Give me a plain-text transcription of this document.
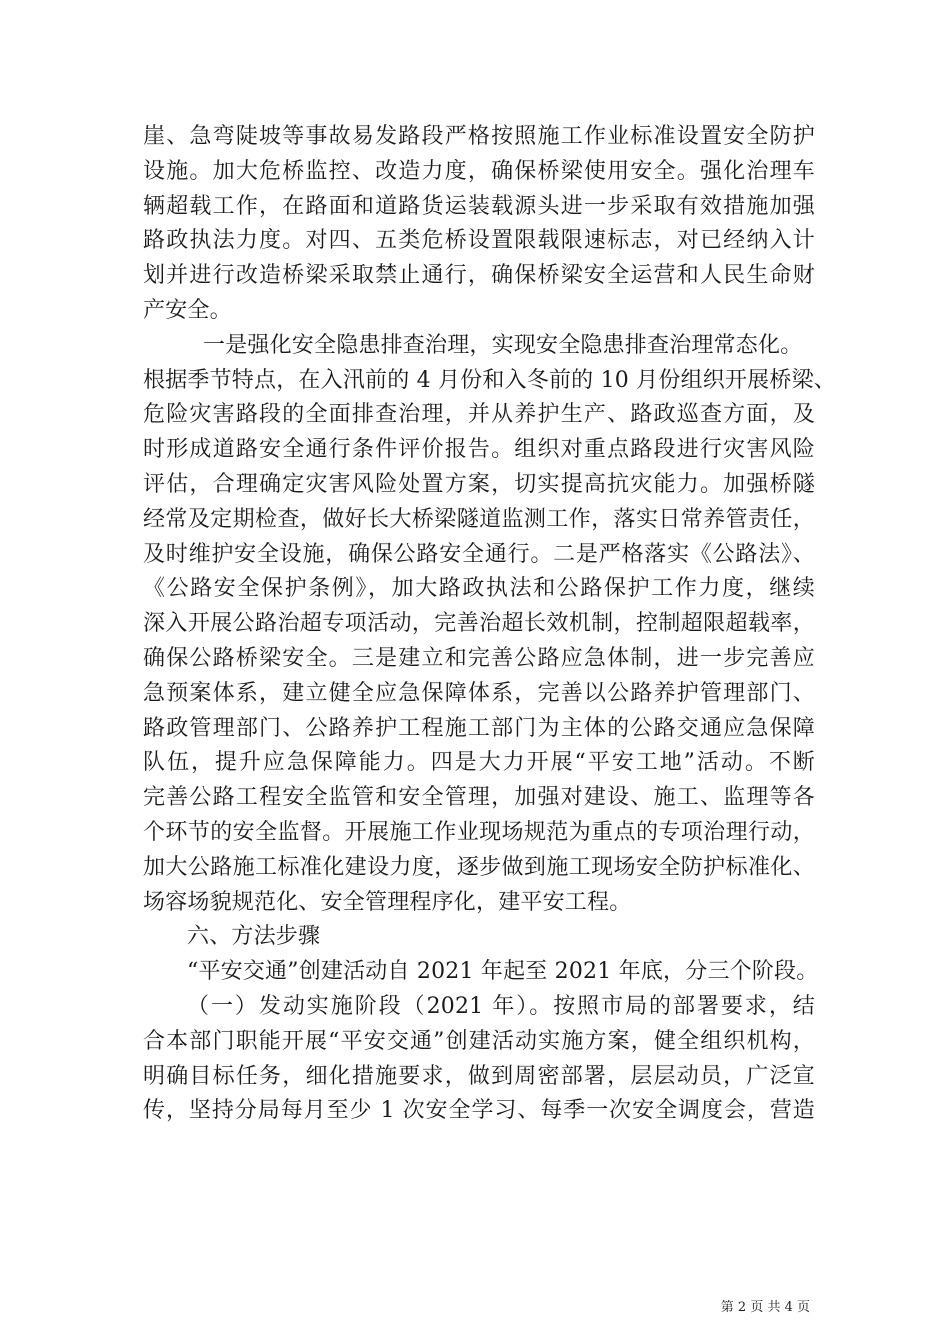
崖、急弯陡坡等事故易发路段严格按照施工作业标准设置安全防护
设施。加大危桥监控、改造力度，确保桥梁使用安全。强化治理车
辆超载工作，在路面和道路货运装载源头进一步采取有效措施加强
路政执法力度。对四、五类危桥设置限载限速标志，对已经纳入计
划并进行改造桥梁采取禁止通行，确保桥梁安全运营和人民生命财
产安全。
一是强化安全隐患排查治理，实现安全隐患排查治理常态化。
根据季节特点，在入汛前的 4 月份和入冬前的 10 月份组织开展桥梁、
危险灾害路段的全面排查治理，并从养护生产、路政巡查方面，及
时形成道路安全通行条件评价报告。组织对重点路段进行灾害风险
评估，合理确定灾害风险处置方案，切实提高抗灾能力。加强桥隧
经常及定期检查，做好长大桥梁隧道监测工作，落实日常养管责任，
及时维护安全设施，确保公路安全通行。二是严格落实《公路法》、
《公路安全保护条例》，加大路政执法和公路保护工作力度，继续
深入开展公路治超专项活动，完善治超长效机制，控制超限超载率，
确保公路桥梁安全。三是建立和完善公路应急体制，进一步完善应
急预案体系，建立健全应急保障体系，完善以公路养护管理部门、
路政管理部门、公路养护工程施工部门为主体的公路交通应急保障
队伍，提升应急保障能力。四是大力开展“平安工地”活动。不断
完善公路工程安全监管和安全管理，加强对建设、施工、监理等各
个环节的安全监督。开展施工作业现场规范为重点的专项治理行动，
加大公路施工标准化建设力度，逐步做到施工现场安全防护标准化、
场容场貌规范化、安全管理程序化，建平安工程。
六、方法步骤
“平安交通”创建活动自 2021 年起至 2021 年底，分三个阶段。
（一）发动实施阶段（2021 年）。按照市局的部署要求，结
合本部门职能开展“平安交通”创建活动实施方案，健全组织机构，
明确目标任务，细化措施要求，做到周密部署，层层动员，广泛宣
传，坚持分局每月至少 1 次安全学习、每季一次安全调度会，营造
第 2 页 共 4 页
